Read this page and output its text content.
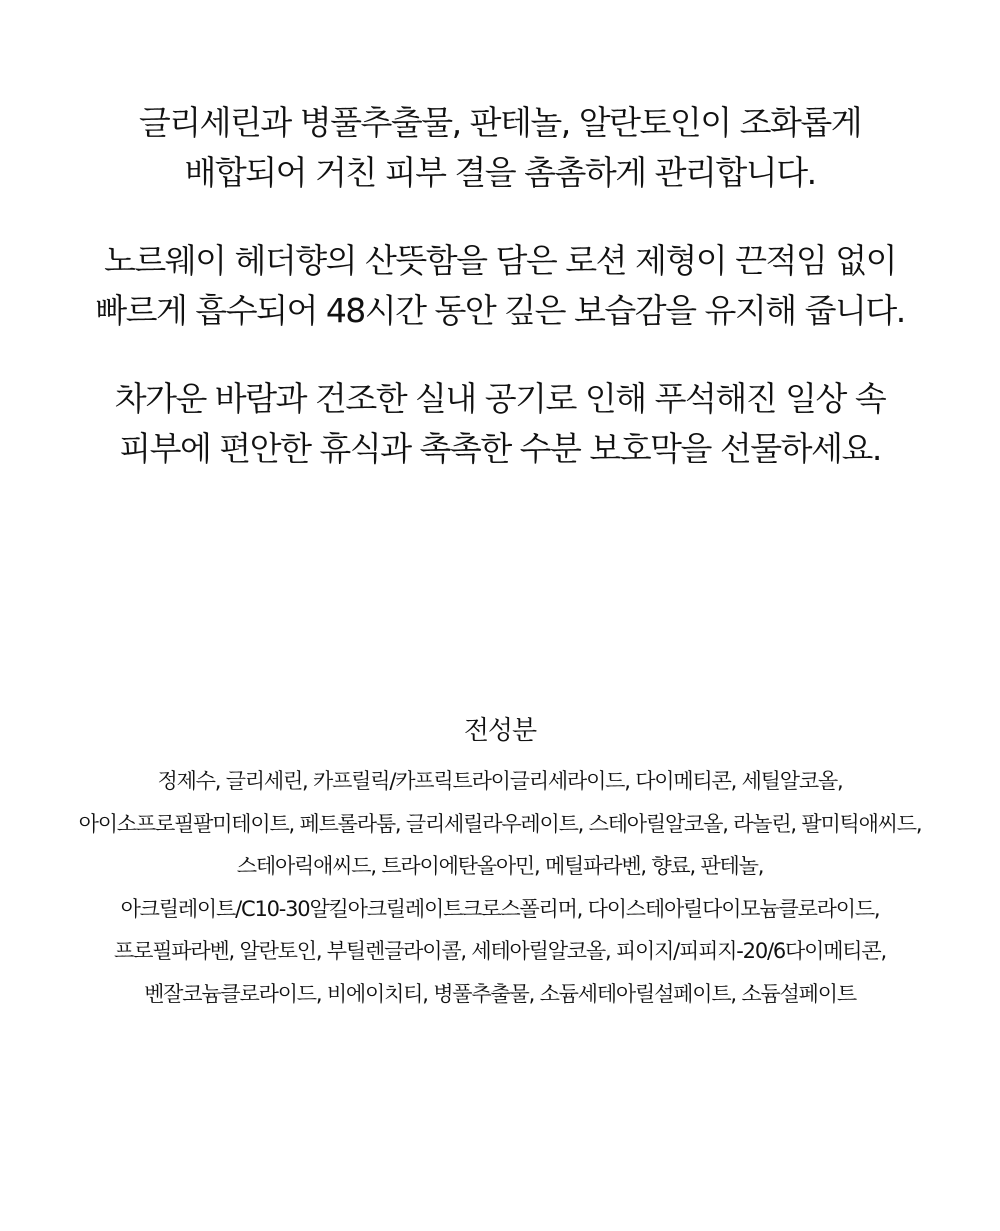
글리세린과 병풀추출물, 판테놀, 알란토인이 조화롭게
배합되어 거친 피부 결을 촘촘하게 관리합니다.

노르웨이 헤더향의 산뜻함을 담은 로션 제형이 끈적임 없이
빠르게 흡수되어 48시간 동안 깊은 보습감을 유지해 줍니다.

차가운 바람과 건조한 실내 공기로 인해 푸석해진 일상 속
피부에 편안한 휴식과 촉촉한 수분 보호막을 선물하세요.

전성분
정제수, 글리세린, 카프릴릭/카프릭트라이글리세라이드, 다이메티콘, 세틸알코올,
아이소프로필팔미테이트, 페트롤라툼, 글리세릴라우레이트, 스테아릴알코올, 라놀린, 팔미틱애씨드,
스테아릭애씨드, 트라이에탄올아민, 메틸파라벤, 향료, 판테놀,
아크릴레이트/C10-30알킬아크릴레이트크로스폴리머, 다이스테아릴다이모늄클로라이드,
프로필파라벤, 알란토인, 부틸렌글라이콜, 세테아릴알코올, 피이지/피피지-20/6다이메티콘,
벤잘코늄클로라이드, 비에이치티, 병풀추출물, 소듐세테아릴설페이트, 소듐설페이트
